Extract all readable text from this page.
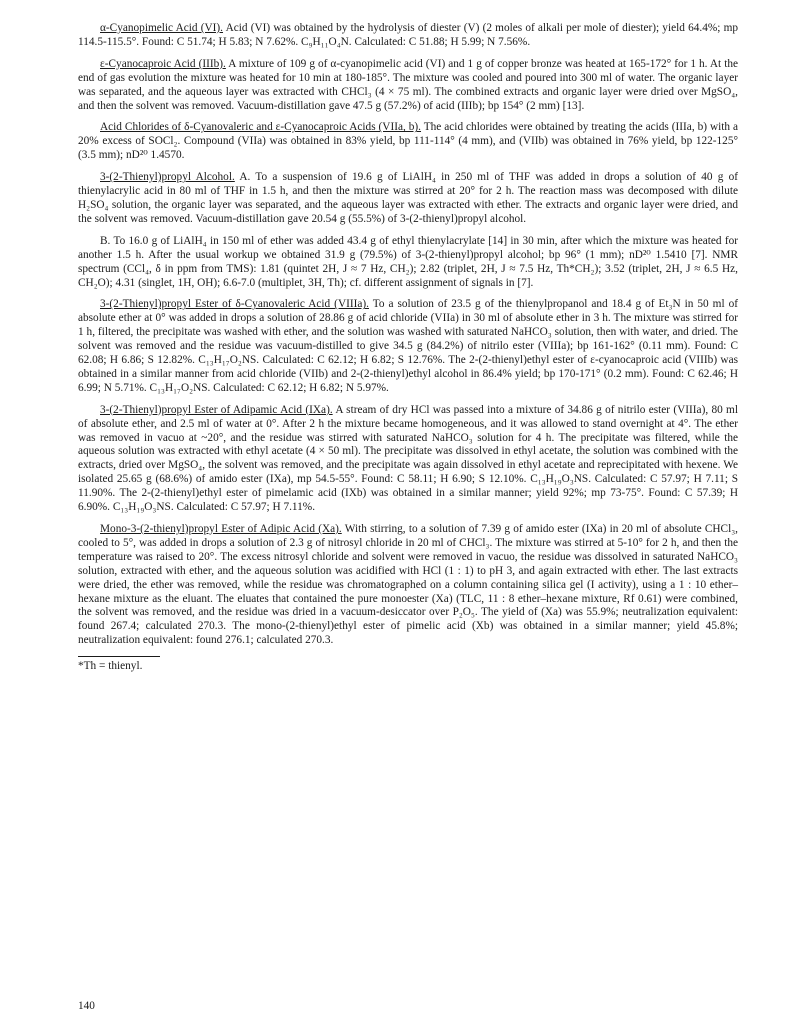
α-Cyanopimelic Acid (VI). Acid (VI) was obtained by the hydrolysis of diester (V) (2 moles of alkali per mole of diester); yield 64.4%; mp 114.5-115.5°. Found: C 51.74; H 5.83; N 7.62%. C₉H₁₁O₄N. Calculated: C 51.88; H 5.99; N 7.56%.

ε-Cyanocaproic Acid (IIIb). A mixture of 109 g of α-cyanopimelic acid (VI) and 1 g of copper bronze was heated at 165-172° for 1 h. At the end of gas evolution the mixture was heated for 10 min at 180-185°. The mixture was cooled and poured into 300 ml of water. The organic layer was separated, and the aqueous layer was extracted with CHCl₃ (4 × 75 ml). The combined extracts and organic layer were dried over MgSO₄, and then the solvent was removed. Vacuum-distillation gave 47.5 g (57.2%) of acid (IIIb); bp 154° (2 mm) [13].

Acid Chlorides of δ-Cyanovaleric and ε-Cyanocaproic Acids (VIIa, b). The acid chlorides were obtained by treating the acids (IIIa, b) with a 20% excess of SOCl₂. Compound (VIIa) was obtained in 83% yield, bp 111-114° (4 mm), and (VIIb) was obtained in 76% yield, bp 122-125° (3.5 mm); nD²⁰ 1.4570.

3-(2-Thienyl)propyl Alcohol. A. To a suspension of 19.6 g of LiAlH₄ in 250 ml of THF was added in drops a solution of 40 g of thienylacrylic acid in 80 ml of THF in 1.5 h, and then the mixture was stirred at 20° for 2 h. The reaction mass was decomposed with dilute H₂SO₄ solution, the organic layer was separated, and the aqueous layer was extracted with ether. The extracts and organic layer were dried, and the solvent was removed. Vacuum-distillation gave 20.54 g (55.5%) of 3-(2-thienyl)propyl alcohol.

B. To 16.0 g of LiAlH₄ in 150 ml of ether was added 43.4 g of ethyl thienylacrylate [14] in 30 min, after which the mixture was heated for another 1.5 h. After the usual workup we obtained 31.9 g (79.5%) of 3-(2-thienyl)propyl alcohol; bp 96° (1 mm); nD²⁰ 1.5410 [7]. NMR spectrum (CCl₄, δ in ppm from TMS): 1.81 (quintet 2H, J ≈ 7 Hz, CH₂); 2.82 (triplet, 2H, J ≈ 7.5 Hz, Th*CH₂); 3.52 (triplet, 2H, J ≈ 6.5 Hz, CH₂O); 4.31 (singlet, 1H, OH); 6.6-7.0 (multiplet, 3H, Th); cf. different assignment of signals in [7].

3-(2-Thienyl)propyl Ester of δ-Cyanovaleric Acid (VIIIa). To a solution of 23.5 g of the thienylpropanol and 18.4 g of Et₃N in 50 ml of absolute ether at 0° was added in drops a solution of 28.86 g of acid chloride (VIIa) in 30 ml of absolute ether in 3 h. The mixture was stirred for 1 h, filtered, the precipitate was washed with ether, and the solution was washed with saturated NaHCO₃ solution, then with water, and dried. The solvent was removed and the residue was vacuum-distilled to give 34.5 g (84.2%) of nitrilo ester (VIIIa); bp 161-162° (0.11 mm). Found: C 62.08; H 6.86; S 12.82%. C₁₃H₁₇O₂NS. Calculated: C 62.12; H 6.82; S 12.76%. The 2-(2-thienyl)ethyl ester of ε-cyanocaproic acid (VIIIb) was obtained in a similar manner from acid chloride (VIIb) and 2-(2-thienyl)ethyl alcohol in 86.4% yield; bp 170-171° (0.2 mm). Found: C 62.46; H 6.99; N 5.71%. C₁₃H₁₇O₂NS. Calculated: C 62.12; H 6.82; N 5.97%.

3-(2-Thienyl)propyl Ester of Adipamic Acid (IXa). A stream of dry HCl was passed into a mixture of 34.86 g of nitrilo ester (VIIIa), 80 ml of absolute ether, and 2.5 ml of water at 0°. After 2 h the mixture became homogeneous, and it was allowed to stand overnight at 4°. The ether was removed in vacuo at ~20°, and the residue was stirred with saturated NaHCO₃ solution for 4 h. The precipitate was filtered, while the aqueous solution was extracted with ethyl acetate (4 × 50 ml). The precipitate was dissolved in ethyl acetate, the solution was combined with the extracts, dried over MgSO₄, the solvent was removed, and the precipitate was again dissolved in ethyl acetate and reprecipitated with hexene. We isolated 25.65 g (68.6%) of amido ester (IXa), mp 54.5-55°. Found: C 58.11; H 6.90; S 12.10%. C₁₃H₁₉O₃NS. Calculated: C 57.97; H 7.11; S 11.90%. The 2-(2-thienyl)ethyl ester of pimelamic acid (IXb) was obtained in a similar manner; yield 92%; mp 73-75°. Found: C 57.39; H 6.90%. C₁₃H₁₉O₃NS. Calculated: C 57.97; H 7.11%.

Mono-3-(2-thienyl)propyl Ester of Adipic Acid (Xa). With stirring, to a solution of 7.39 g of amido ester (IXa) in 20 ml of absolute CHCl₃, cooled to 5°, was added in drops a solution of 2.3 g of nitrosyl chloride in 20 ml of CHCl₃. The mixture was stirred at 5-10° for 2 h, and then the temperature was raised to 20°. The excess nitrosyl chloride and solvent were removed in vacuo, the residue was dissolved in saturated NaHCO₃ solution, extracted with ether, and the aqueous solution was acidified with HCl (1 : 1) to pH 3, and again extracted with ether. The last extracts were dried, the ether was removed, while the residue was chromatographed on a column containing silica gel (I activity), using a 1 : 10 ether–hexane mixture as the eluant. The eluates that contained the pure monoester (Xa) (TLC, 11 : 8 ether–hexane mixture, Rf 0.61) were combined, the solvent was removed, and the residue was dried in a vacuum-desiccator over P₂O₅. The yield of (Xa) was 55.9%; neutralization equivalent: found 267.4; calculated 270.3. The mono-(2-thienyl)ethyl ester of pimelic acid (Xb) was obtained in a similar manner; yield 45.8%; neutralization equivalent: found 276.1; calculated 270.3.

*Th = thienyl.

140
